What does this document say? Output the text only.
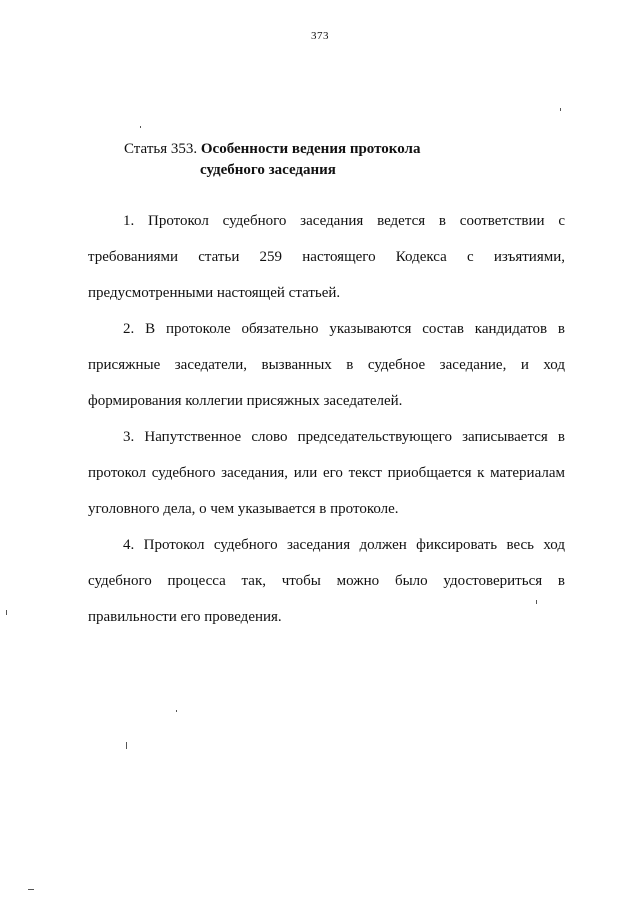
373
Статья 353. Особенности ведения протокола
судебного заседания

1. Протокол судебного заседания ведется в соответствии с
требованиями статьи 259 настоящего Кодекса с изъятиями,
предусмотренными настоящей статьей.

2. В протоколе обязательно указываются состав кандидатов в
присяжные заседатели, вызванных в судебное заседание, и ход
формирования коллегии присяжных заседателей.

3. Напутственное слово председательствующего записывается в
протокол судебного заседания, или его текст приобщается к материалам
уголовного дела, о чем указывается в протоколе.

4. Протокол судебного заседания должен фиксировать весь ход
судебного процесса так, чтобы можно было удостовериться в
правильности его проведения.
